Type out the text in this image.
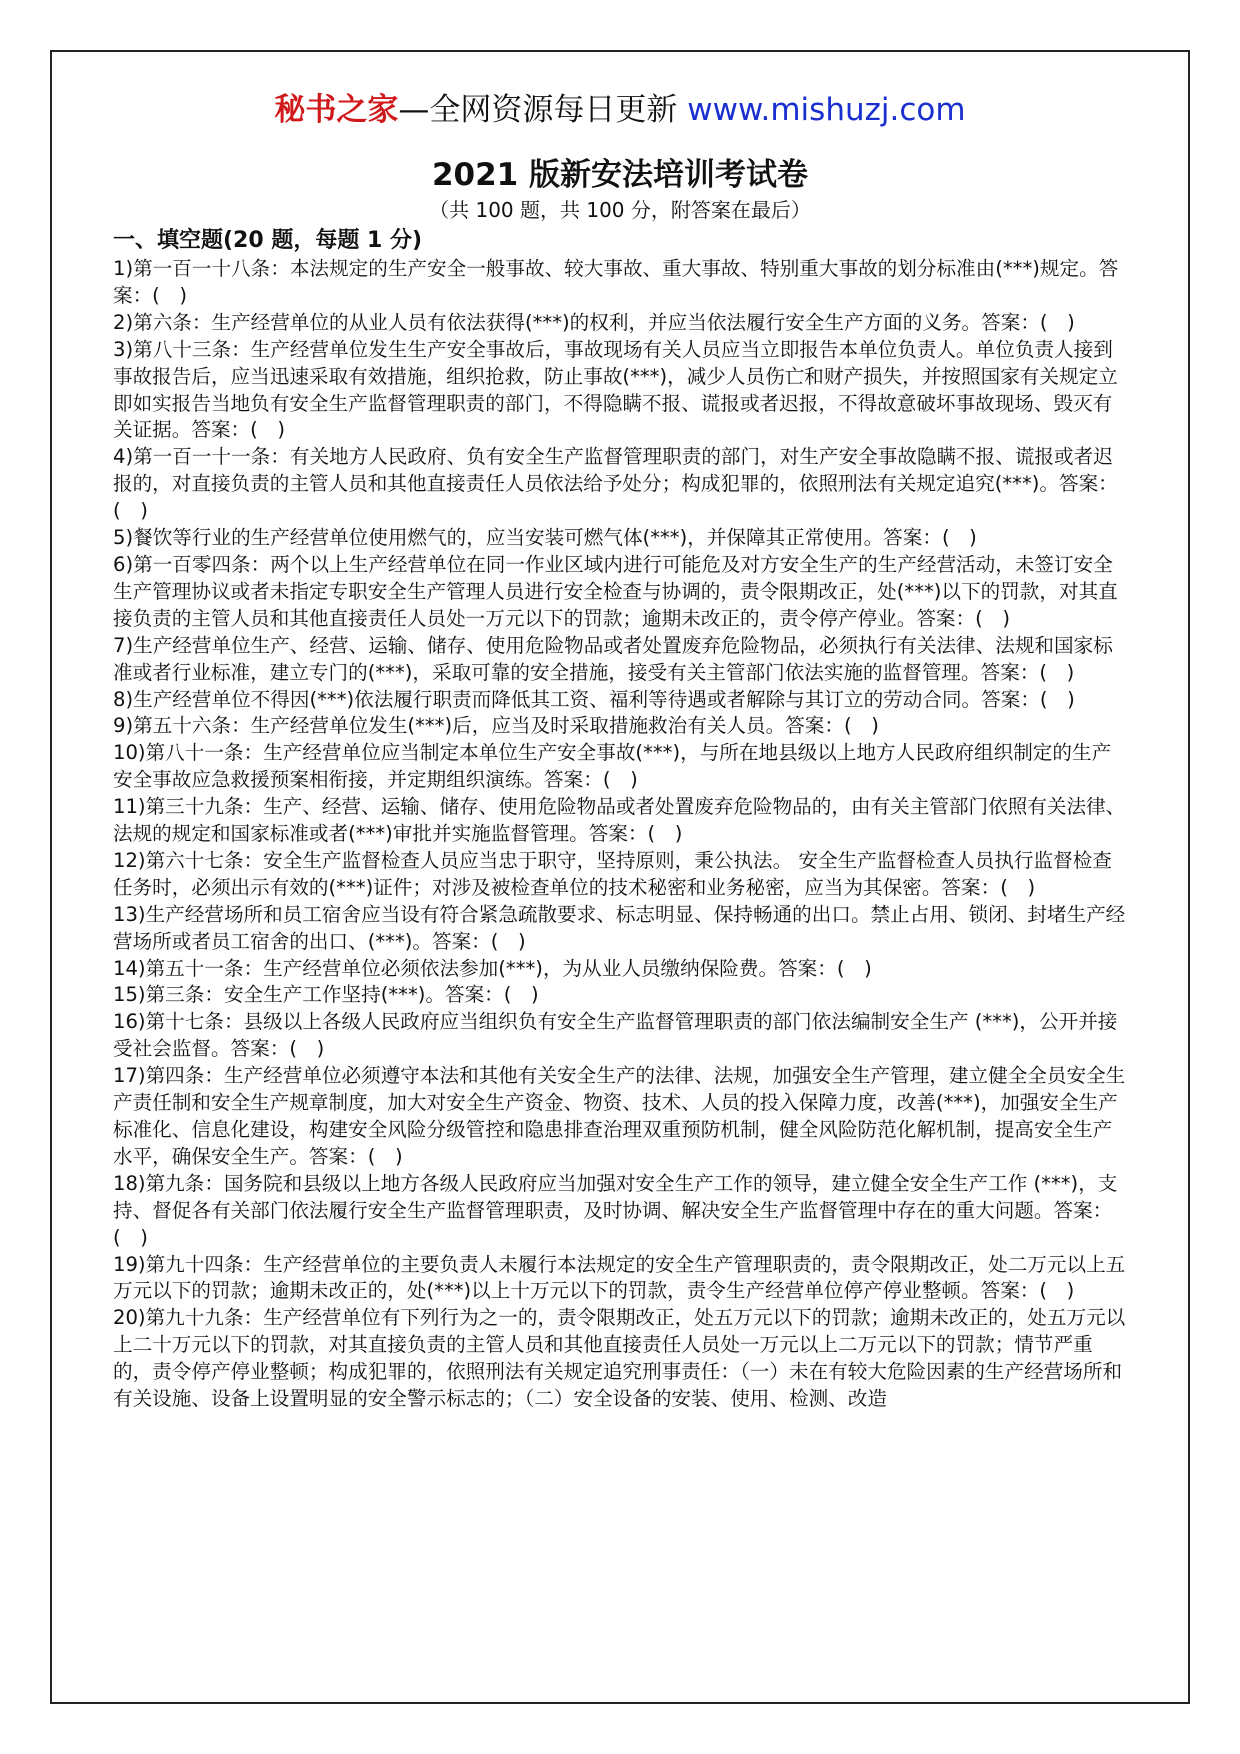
秘书之家—全网资源每日更新 www.mishuzj.com
2021 版新安法培训考试卷
（共 100 题，共 100 分，附答案在最后）
一、填空题(20 题，每题 1 分)

1)第一百一十八条：本法规定的生产安全一般事故、较大事故、重大事故、特别重大事故的划分标准由(***)规定。答案：(　)

2)第六条：生产经营单位的从业人员有依法获得(***)的权利，并应当依法履行安全生产方面的义务。答案：(　)

3)第八十三条：生产经营单位发生生产安全事故后，事故现场有关人员应当立即报告本单位负责人。单位负责人接到事故报告后，应当迅速采取有效措施，组织抢救，防止事故(***)，减少人员伤亡和财产损失，并按照国家有关规定立即如实报告当地负有安全生产监督管理职责的部门，不得隐瞒不报、谎报或者迟报，不得故意破坏事故现场、毁灭有关证据。答案：(　)

4)第一百一十一条：有关地方人民政府、负有安全生产监督管理职责的部门，对生产安全事故隐瞒不报、谎报或者迟报的，对直接负责的主管人员和其他直接责任人员依法给予处分；构成犯罪的，依照刑法有关规定追究(***)。答案：(　)

5)餐饮等行业的生产经营单位使用燃气的，应当安装可燃气体(***)，并保障其正常使用。答案：(　)

6)第一百零四条：两个以上生产经营单位在同一作业区域内进行可能危及对方安全生产的生产经营活动，未签订安全生产管理协议或者未指定专职安全生产管理人员进行安全检查与协调的，责令限期改正，处(***)以下的罚款，对其直接负责的主管人员和其他直接责任人员处一万元以下的罚款；逾期未改正的，责令停产停业。答案：(　)

7)生产经营单位生产、经营、运输、储存、使用危险物品或者处置废弃危险物品，必须执行有关法律、法规和国家标准或者行业标准，建立专门的(***)，采取可靠的安全措施，接受有关主管部门依法实施的监督管理。答案：(　)

8)生产经营单位不得因(***)依法履行职责而降低其工资、福利等待遇或者解除与其订立的劳动合同。答案：(　)

9)第五十六条：生产经营单位发生(***)后，应当及时采取措施救治有关人员。答案：(　)

10)第八十一条：生产经营单位应当制定本单位生产安全事故(***)，与所在地县级以上地方人民政府组织制定的生产安全事故应急救援预案相衔接，并定期组织演练。答案：(　)

11)第三十九条：生产、经营、运输、储存、使用危险物品或者处置废弃危险物品的，由有关主管部门依照有关法律、法规的规定和国家标准或者(***)审批并实施监督管理。答案：(　)

12)第六十七条：安全生产监督检查人员应当忠于职守，坚持原则，秉公执法。 安全生产监督检查人员执行监督检查任务时，必须出示有效的(***)证件；对涉及被检查单位的技术秘密和业务秘密，应当为其保密。答案：(　)

13)生产经营场所和员工宿舍应当设有符合紧急疏散要求、标志明显、保持畅通的出口。禁止占用、锁闭、封堵生产经营场所或者员工宿舍的出口、(***)。答案：(　)

14)第五十一条：生产经营单位必须依法参加(***)，为从业人员缴纳保险费。答案：(　)

15)第三条：安全生产工作坚持(***)。答案：(　)

16)第十七条：县级以上各级人民政府应当组织负有安全生产监督管理职责的部门依法编制安全生产 (***)，公开并接受社会监督。答案：(　)

17)第四条：生产经营单位必须遵守本法和其他有关安全生产的法律、法规，加强安全生产管理，建立健全全员安全生产责任制和安全生产规章制度，加大对安全生产资金、物资、技术、人员的投入保障力度，改善(***)，加强安全生产标准化、信息化建设，构建安全风险分级管控和隐患排查治理双重预防机制，健全风险防范化解机制，提高安全生产水平，确保安全生产。答案：(　)

18)第九条：国务院和县级以上地方各级人民政府应当加强对安全生产工作的领导，建立健全安全生产工作 (***)，支持、督促各有关部门依法履行安全生产监督管理职责，及时协调、解决安全生产监督管理中存在的重大问题。答案：(　)

19)第九十四条：生产经营单位的主要负责人未履行本法规定的安全生产管理职责的，责令限期改正，处二万元以上五万元以下的罚款；逾期未改正的，处(***)以上十万元以下的罚款，责令生产经营单位停产停业整顿。答案：(　)

20)第九十九条：生产经营单位有下列行为之一的，责令限期改正，处五万元以下的罚款；逾期未改正的，处五万元以上二十万元以下的罚款，对其直接负责的主管人员和其他直接责任人员处一万元以上二万元以下的罚款；情节严重的，责令停产停业整顿；构成犯罪的，依照刑法有关规定追究刑事责任：（一）未在有较大危险因素的生产经营场所和有关设施、设备上设置明显的安全警示标志的；（二）安全设备的安装、使用、检测、改造
